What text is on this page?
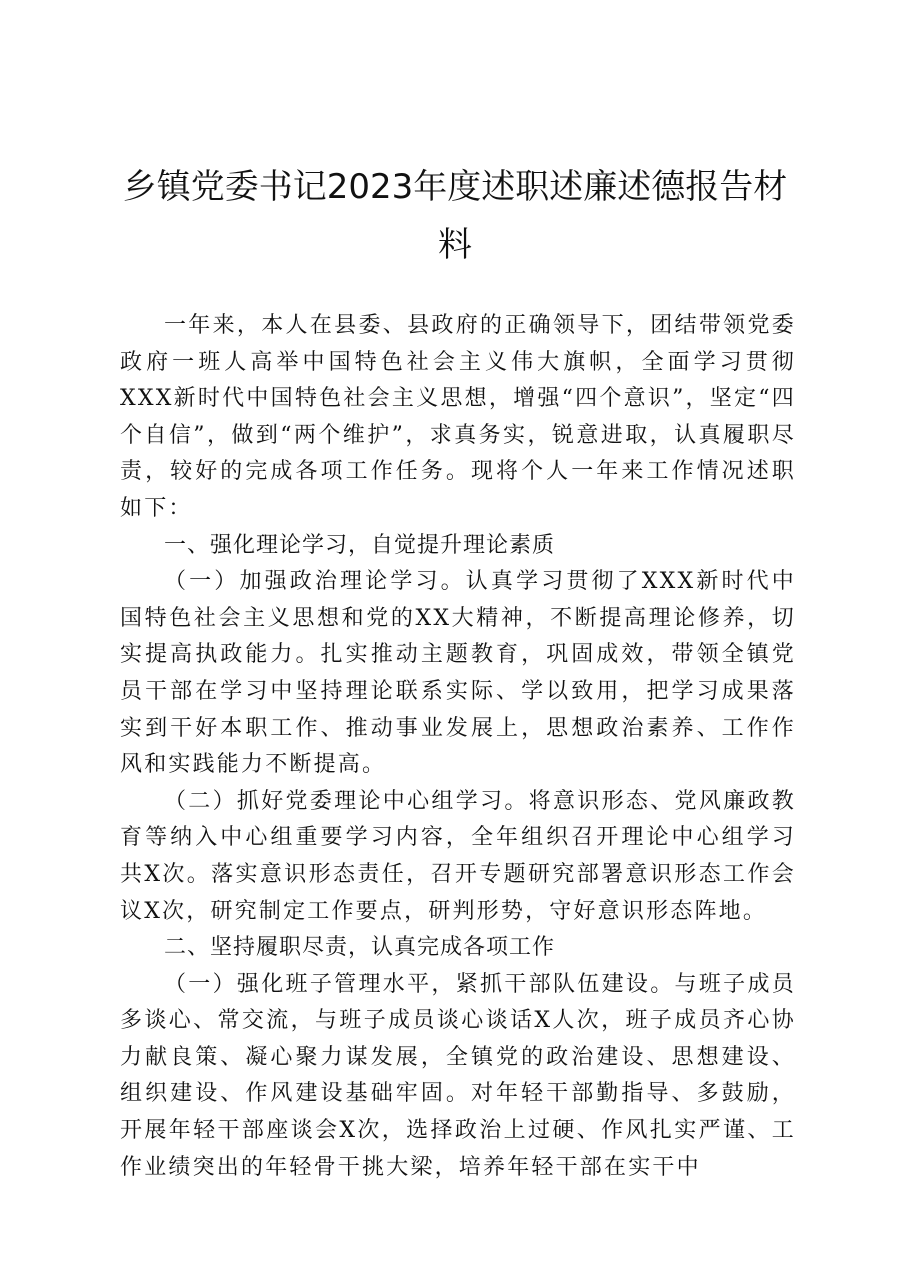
乡镇党委书记2023年度述职述廉述德报告材料

一年来，本人在县委、县政府的正确领导下，团结带领党委政府一班人高举中国特色社会主义伟大旗帜，全面学习贯彻XXX新时代中国特色社会主义思想，增强“四个意识”，坚定“四个自信”，做到“两个维护”，求真务实，锐意进取，认真履职尽责，较好的完成各项工作任务。现将个人一年来工作情况述职如下：

一、强化理论学习，自觉提升理论素质

（一）加强政治理论学习。认真学习贯彻了XXX新时代中国特色社会主义思想和党的XX大精神，不断提高理论修养，切实提高执政能力。扎实推动主题教育，巩固成效，带领全镇党员干部在学习中坚持理论联系实际、学以致用，把学习成果落实到干好本职工作、推动事业发展上，思想政治素养、工作作风和实践能力不断提高。

（二）抓好党委理论中心组学习。将意识形态、党风廉政教育等纳入中心组重要学习内容，全年组织召开理论中心组学习共X次。落实意识形态责任，召开专题研究部署意识形态工作会议X次，研究制定工作要点，研判形势，守好意识形态阵地。

二、坚持履职尽责，认真完成各项工作

（一）强化班子管理水平，紧抓干部队伍建设。与班子成员多谈心、常交流，与班子成员谈心谈话X人次，班子成员齐心协力献良策、凝心聚力谋发展，全镇党的政治建设、思想建设、组织建设、作风建设基础牢固。对年轻干部勤指导、多鼓励，开展年轻干部座谈会X次，选择政治上过硬、作风扎实严谨、工作业绩突出的年轻骨干挑大梁，培养年轻干部在实干中
